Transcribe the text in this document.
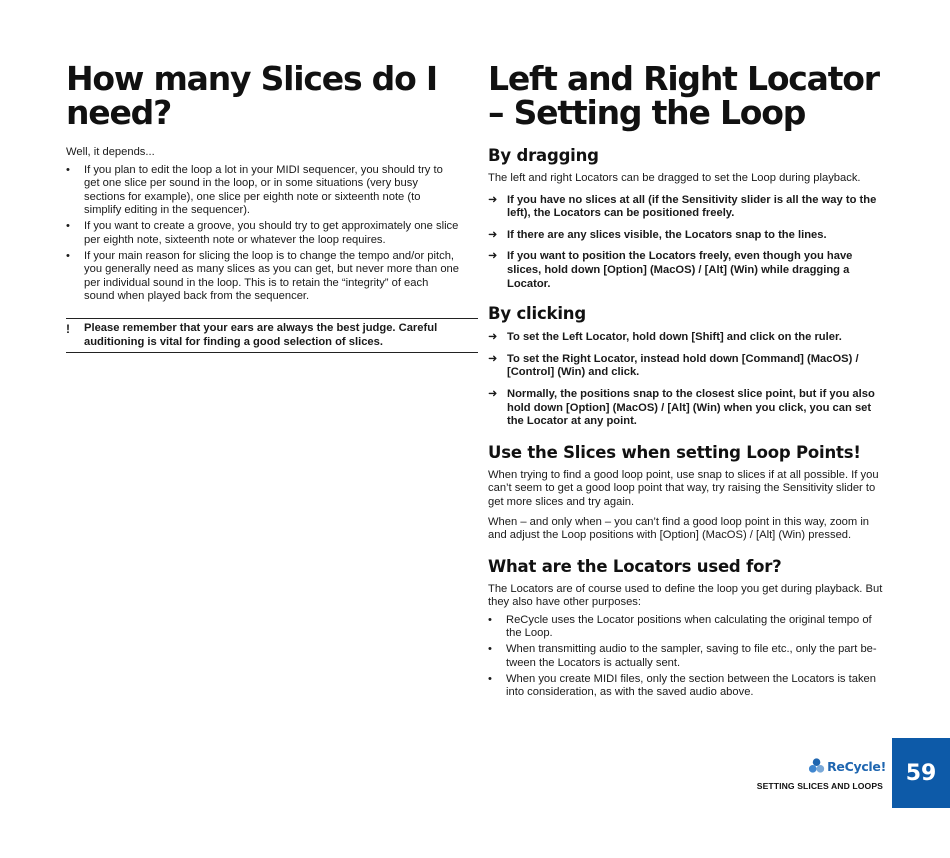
How many Slices do I need?

Well, it depends...

• If you plan to edit the loop a lot in your MIDI sequencer, you should try to get one slice per sound in the loop, or in some situations (very busy sections for example), one slice per eighth note or sixteenth note (to simplify editing in the sequencer).
• If you want to create a groove, you should try to get approximately one slice per eighth note, sixteenth note or whatever the loop requires.
• If your main reason for slicing the loop is to change the tempo and/or pitch, you generally need as many slices as you can get, but never more than one per individual sound in the loop. This is to retain the “integrity” of each sound when played back from the sequencer.
! Please remember that your ears are always the best judge. Careful auditioning is vital for finding a good selection of slices.
Left and Right Locator – Setting the Loop
By dragging

The left and right Locators can be dragged to set the Loop during playback.

➜ If you have no slices at all (if the Sensitivity slider is all the way to the left), the Locators can be positioned freely.
➜ If there are any slices visible, the Locators snap to the lines.
➜ If you want to position the Locators freely, even though you have slices, hold down [Option] (MacOS) / [Alt] (Win) while dragging a Locator.
By clicking
➜ To set the Left Locator, hold down [Shift] and click on the ruler.
➜ To set the Right Locator, instead hold down [Command] (MacOS) / [Control] (Win) and click.
➜ Normally, the positions snap to the closest slice point, but if you also hold down [Option] (MacOS) / [Alt] (Win) when you click, you can set the Locator at any point.
Use the Slices when setting Loop Points!

When trying to find a good loop point, use snap to slices if at all possible. If you can’t seem to get a good loop point that way, try raising the Sensitivity slider to get more slices and try again.

When – and only when – you can’t find a good loop point in this way, zoom in and adjust the Loop positions with [Option] (MacOS) / [Alt] (Win) pressed.

What are the Locators used for?

The Locators are of course used to define the loop you get during playback. But they also have other purposes:

• ReCycle uses the Locator positions when calculating the original tempo of the Loop.
• When transmitting audio to the sampler, saving to file etc., only the part be-tween the Locators is actually sent.
• When you create MIDI files, only the section between the Locators is taken into consideration, as with the saved audio above.
ReCycle!
SETTING SLICES AND LOOPS
59
